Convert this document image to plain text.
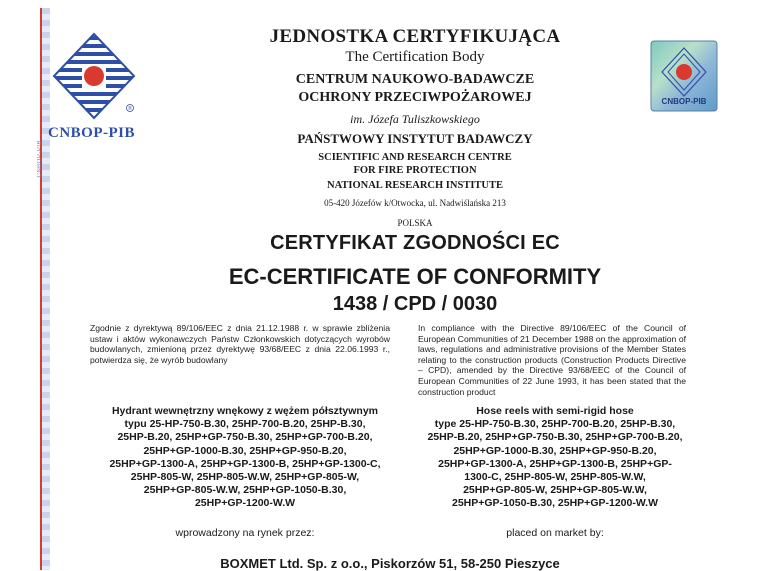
CNBOP-PIB
®
CNBOP-PIB
CNBOP-PIB
JEDNOSTKA CERTYFIKUJĄCA
The Certification Body
CENTRUM NAUKOWO-BADAWCZE
OCHRONY PRZECIWPOŻAROWEJ
im. Józefa Tuliszkowskiego
PAŃSTWOWY INSTYTUT BADAWCZY
SCIENTIFIC AND RESEARCH CENTRE
FOR FIRE PROTECTION
NATIONAL RESEARCH INSTITUTE
05-420 Józefów k/Otwocka, ul. Nadwiślańska 213
POLSKA
CERTYFIKAT ZGODNOŚCI EC
EC-CERTIFICATE OF CONFORMITY
1438 / CPD / 0030
Zgodnie z dyrektywą 89/106/EEC z dnia 21.12.1988 r. w sprawie zbliżenia ustaw i aktów wykonawczych Państw Członkowskich dotyczących wyrobów budowlanych, zmienioną przez dyrektywę 93/68/EEC z dnia 22.06.1993 r., potwierdza się, że wyrób budowlany
In compliance with the Directive 89/106/EEC of the Council of European Communities of 21 December 1988 on the approximation of laws, regulations and administrative provisions of the Member States relating to the construction products (Construction Products Directive – CPD), amended by the Directive 93/68/EEC of the Council of European Communities of 22 June 1993, it has been stated that the construction product
Hydrant wewnętrzny wnękowy z wężem półsztywnym
typu 25-HP-750-B.30, 25HP-700-B.20, 25HP-B.30,
25HP-B.20, 25HP+GP-750-B.30, 25HP+GP-700-B.20,
25HP+GP-1000-B.30, 25HP+GP-950-B.20,
25HP+GP-1300-A, 25HP+GP-1300-B, 25HP+GP-1300-C,
25HP-805-W, 25HP-805-W.W, 25HP+GP-805-W,
25HP+GP-805-W.W, 25HP+GP-1050-B.30,
25HP+GP-1200-W.W
Hose reels with semi-rigid hose
type 25-HP-750-B.30, 25HP-700-B.20, 25HP-B.30,
25HP-B.20, 25HP+GP-750-B.30, 25HP+GP-700-B.20,
25HP+GP-1000-B.30, 25HP+GP-950-B.20,
25HP+GP-1300-A, 25HP+GP-1300-B, 25HP+GP-
1300-C, 25HP-805-W, 25HP-805-W.W,
25HP+GP-805-W, 25HP+GP-805-W.W,
25HP+GP-1050-B.30, 25HP+GP-1200-W.W
wprowadzony na rynek przez:	placed on market by:
BOXMET Ltd. Sp. z o.o., Piskorzów 51, 58-250 Pieszyce
